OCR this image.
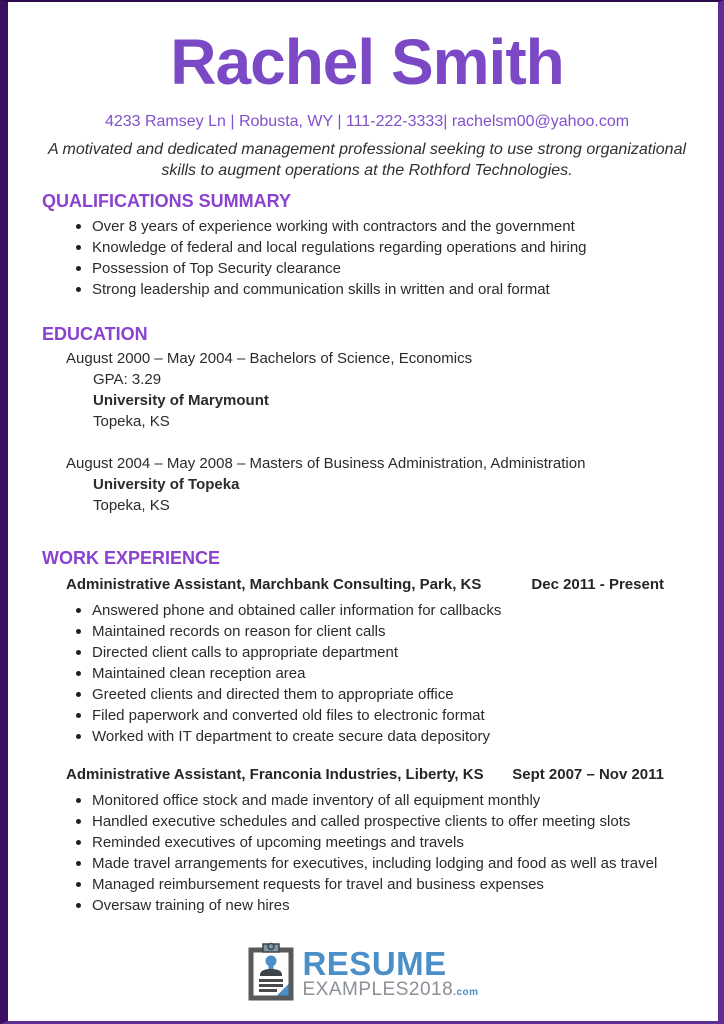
Rachel Smith
4233 Ramsey Ln | Robusta, WY | 111-222-3333| rachelsm00@yahoo.com
A motivated and dedicated management professional seeking to use strong organizational skills to augment operations at the Rothford Technologies.
QUALIFICATIONS SUMMARY
Over 8 years of experience working with contractors and the government
Knowledge of federal and local regulations regarding operations and hiring
Possession of Top Security clearance
Strong leadership and communication skills in written and oral format
EDUCATION
August 2000 – May 2004 – Bachelors of Science, Economics
GPA: 3.29
University of Marymount
Topeka, KS
August 2004 – May 2008 – Masters of Business Administration, Administration
University of Topeka
Topeka, KS
WORK EXPERIENCE
Administrative Assistant, Marchbank Consulting, Park, KS	Dec 2011 - Present
Answered phone and obtained caller information for callbacks
Maintained records on reason for client calls
Directed client calls to appropriate department
Maintained clean reception area
Greeted clients and directed them to appropriate office
Filed paperwork and converted old files to electronic format
Worked with IT department to create secure data depository
Administrative Assistant, Franconia Industries, Liberty, KS	Sept 2007 – Nov 2011
Monitored office stock and made inventory of all equipment monthly
Handled executive schedules and called prospective clients to offer meeting slots
Reminded executives of upcoming meetings and travels
Made travel arrangements for executives, including lodging and food as well as travel
Managed reimbursement requests for travel and business expenses
Oversaw training of new hires
RESUME
EXAMPLES2018.com
